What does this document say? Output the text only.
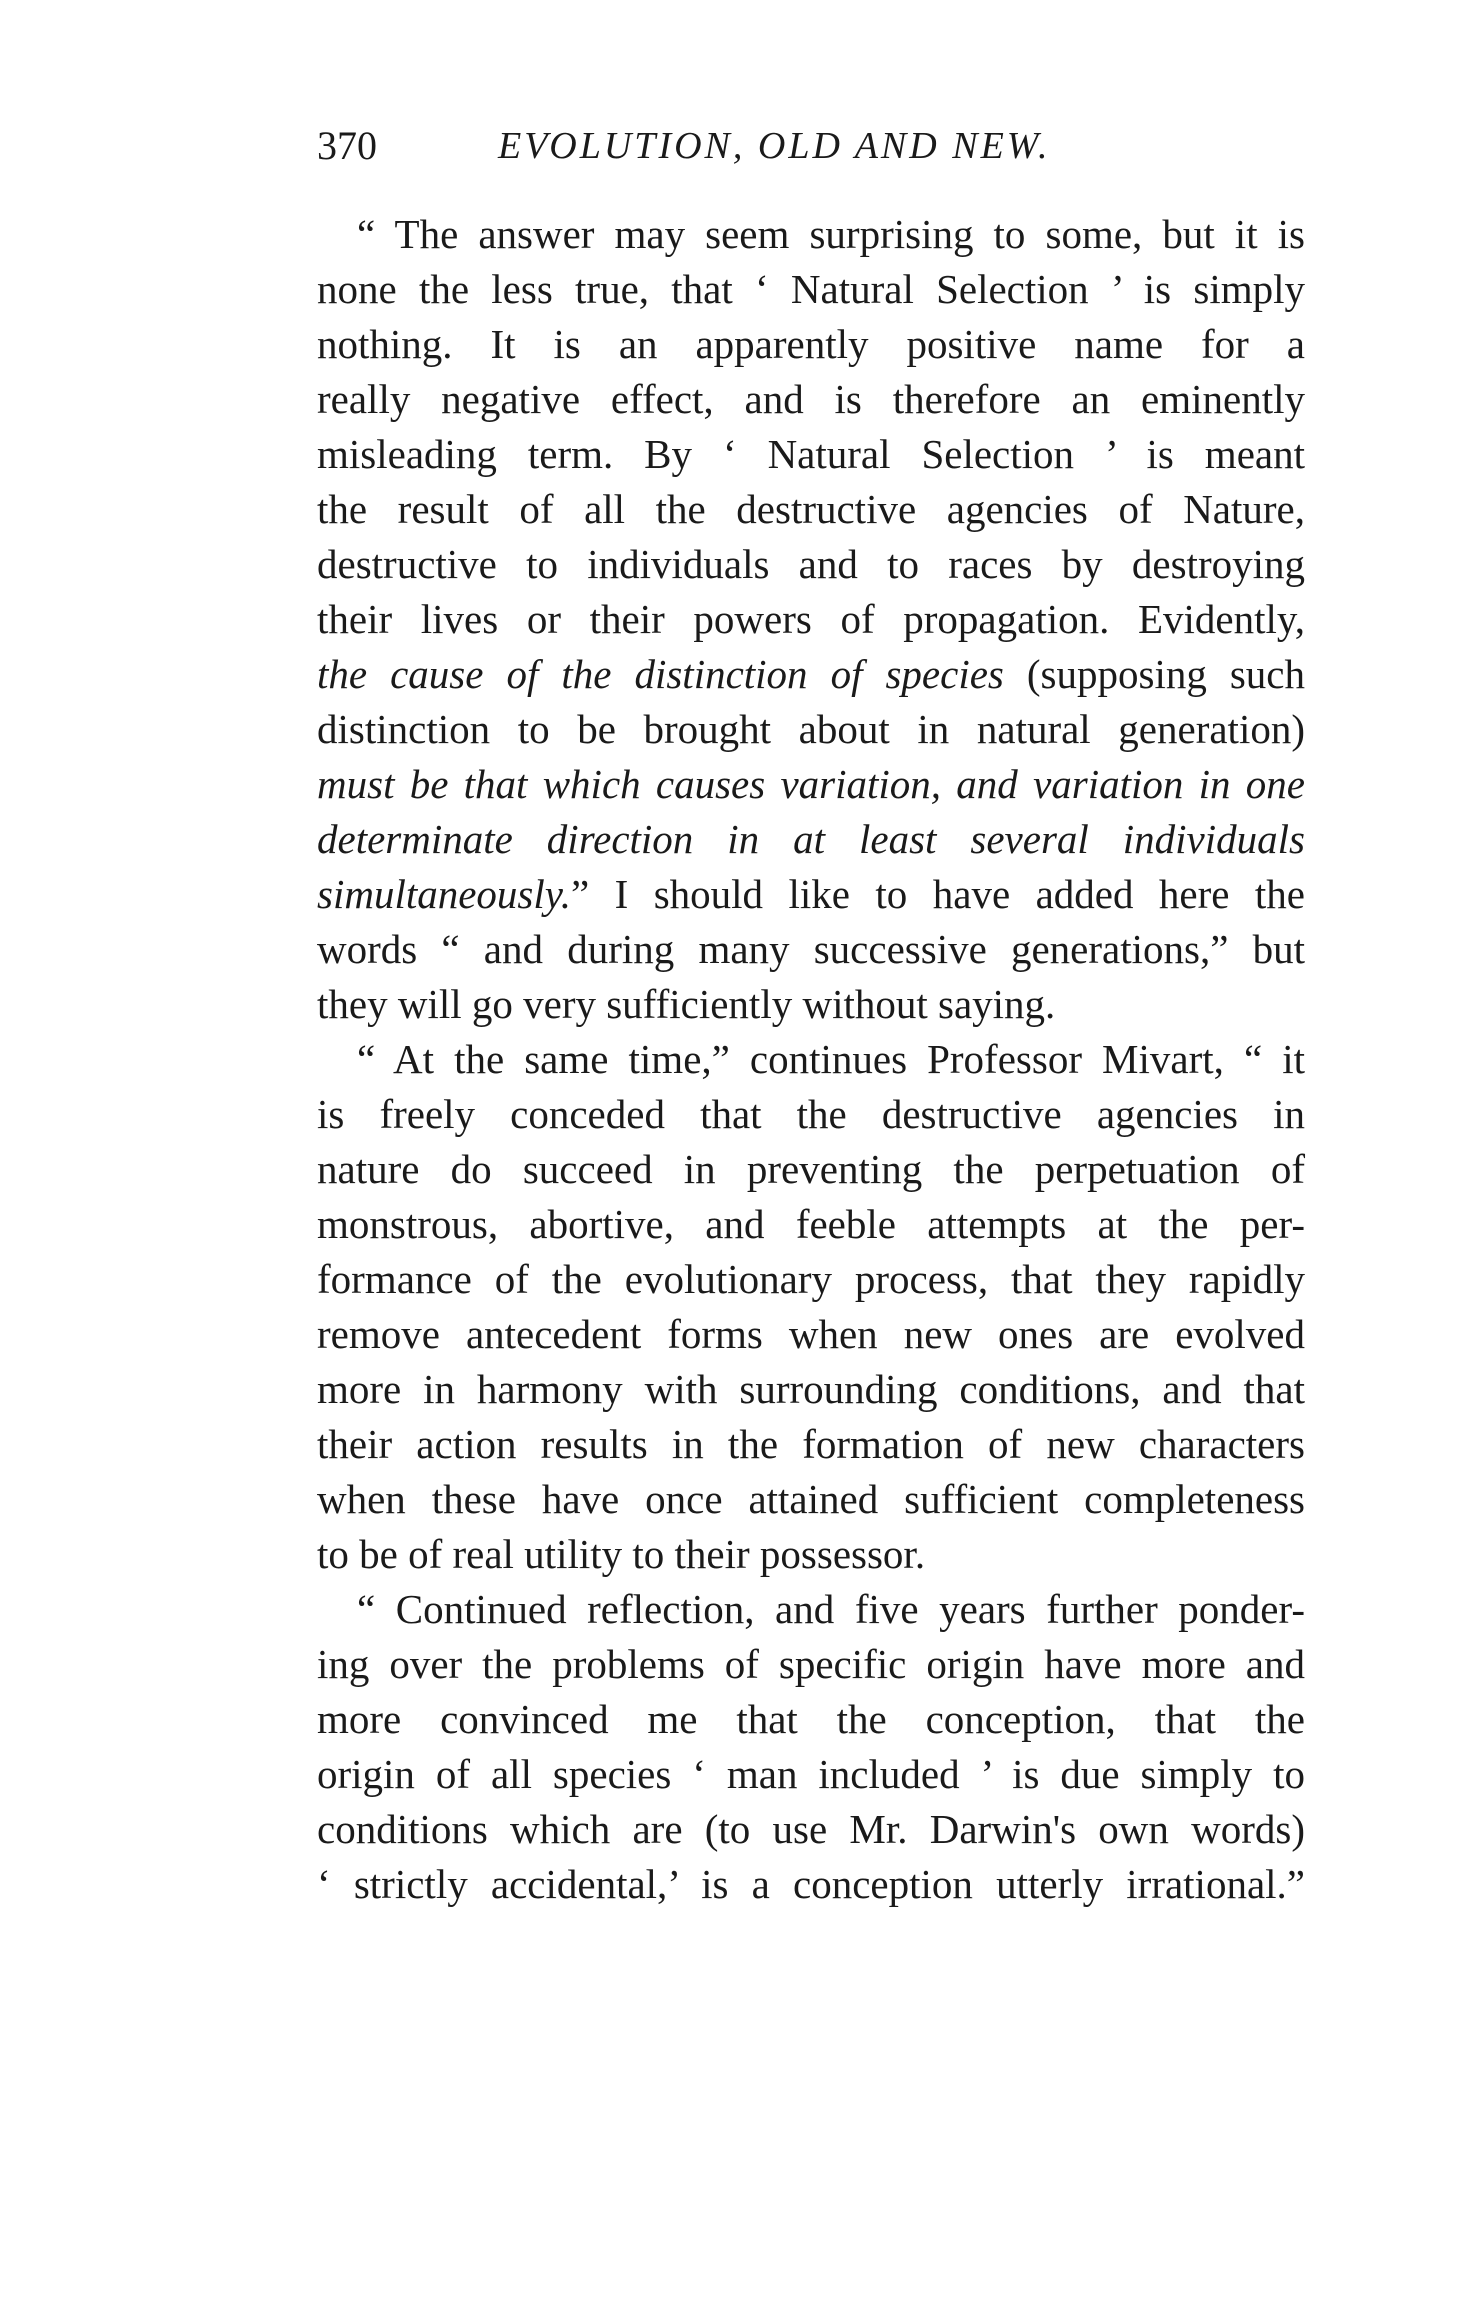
370	EVOLUTION, OLD AND NEW.
“ The answer may seem surprising to some, but it is
none the less true, that ‘ Natural Selection ’ is simply
nothing. It is an apparently positive name for a
really negative effect, and is therefore an eminently
misleading term. By ‘ Natural Selection ’ is meant
the result of all the destructive agencies of Nature,
destructive to individuals and to races by destroying
their lives or their powers of propagation. Evidently,
the cause of the distinction of species (supposing such
distinction to be brought about in natural generation)
must be that which causes variation, and variation in one
determinate direction in at least several individuals
simultaneously.” I should like to have added here the
words “ and during many successive generations,” but
they will go very sufficiently without saying.
“ At the same time,” continues Professor Mivart, “ it
is freely conceded that the destructive agencies in
nature do succeed in preventing the perpetuation of
monstrous, abortive, and feeble attempts at the per-
formance of the evolutionary process, that they rapidly
remove antecedent forms when new ones are evolved
more in harmony with surrounding conditions, and that
their action results in the formation of new characters
when these have once attained sufficient completeness
to be of real utility to their possessor.
“ Continued reflection, and five years further ponder-
ing over the problems of specific origin have more and
more convinced me that the conception, that the
origin of all species ‘ man included ’ is due simply to
conditions which are (to use Mr. Darwin's own words)
‘ strictly accidental,’ is a conception utterly irrational.”
